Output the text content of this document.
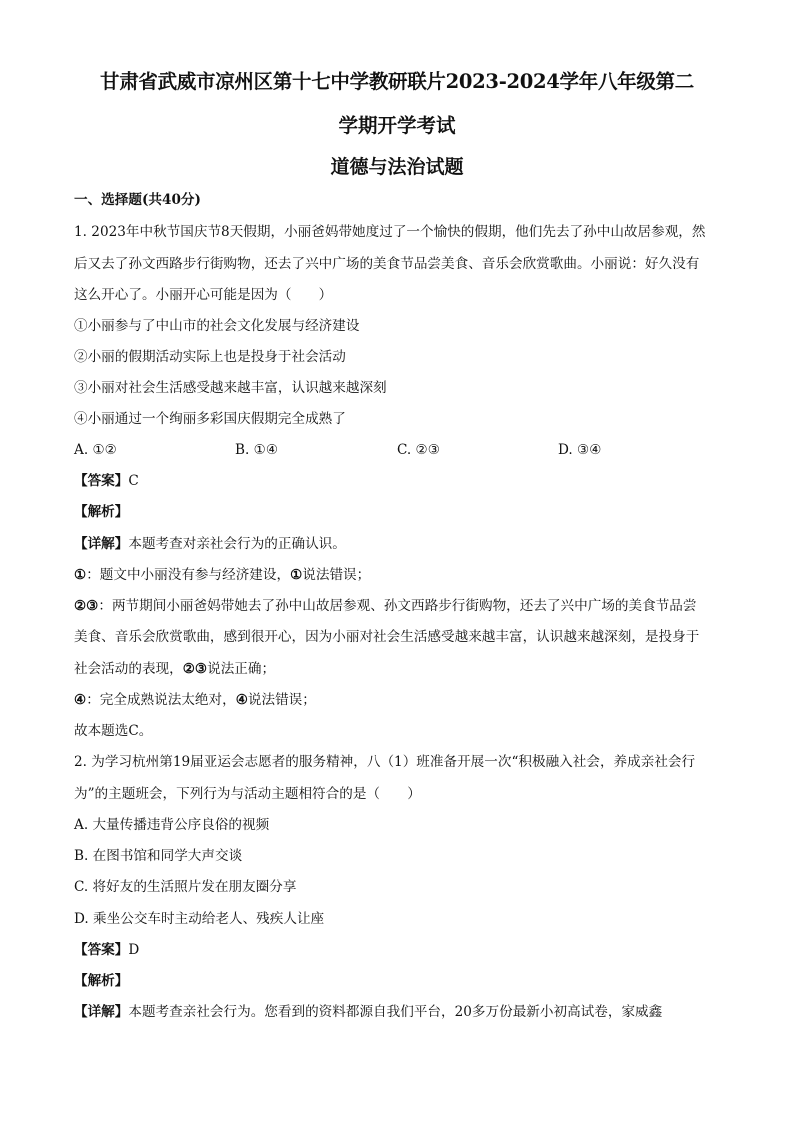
甘肃省武威市凉州区第十七中学教研联片2023-2024学年八年级第二
学期开学考试
道德与法治试题
一、选择题(共40分)
1. 2023年中秋节国庆节8天假期，小丽爸妈带她度过了一个愉快的假期，他们先去了孙中山故居参观，然
后又去了孙文西路步行街购物，还去了兴中广场的美食节品尝美食、音乐会欣赏歌曲。小丽说：好久没有
这么开心了。小丽开心可能是因为（　　）
①小丽参与了中山市的社会文化发展与经济建设
②小丽的假期活动实际上也是投身于社会活动
③小丽对社会生活感受越来越丰富，认识越来越深刻
④小丽通过一个绚丽多彩国庆假期完全成熟了
A. ①②	B. ①④	C. ②③	D. ③④
【答案】C
【解析】
【详解】本题考查对亲社会行为的正确认识。
①：题文中小丽没有参与经济建设，①说法错误；
②③：两节期间小丽爸妈带她去了孙中山故居参观、孙文西路步行街购物，还去了兴中广场的美食节品尝
美食、音乐会欣赏歌曲，感到很开心，因为小丽对社会生活感受越来越丰富，认识越来越深刻，是投身于
社会活动的表现，②③说法正确；
④：完全成熟说法太绝对，④说法错误；
故本题选C。
2. 为学习杭州第19届亚运会志愿者的服务精神，八（1）班准备开展一次“积极融入社会，养成亲社会行
为”的主题班会，下列行为与活动主题相符合的是（　　）
A. 大量传播违背公序良俗的视频
B. 在图书馆和同学大声交谈
C. 将好友的生活照片发在朋友圈分享
D. 乘坐公交车时主动给老人、残疾人让座
【答案】D
【解析】
【详解】本题考查亲社会行为。您看到的资料都源自我们平台，20多万份最新小初高试卷，家威鑫
